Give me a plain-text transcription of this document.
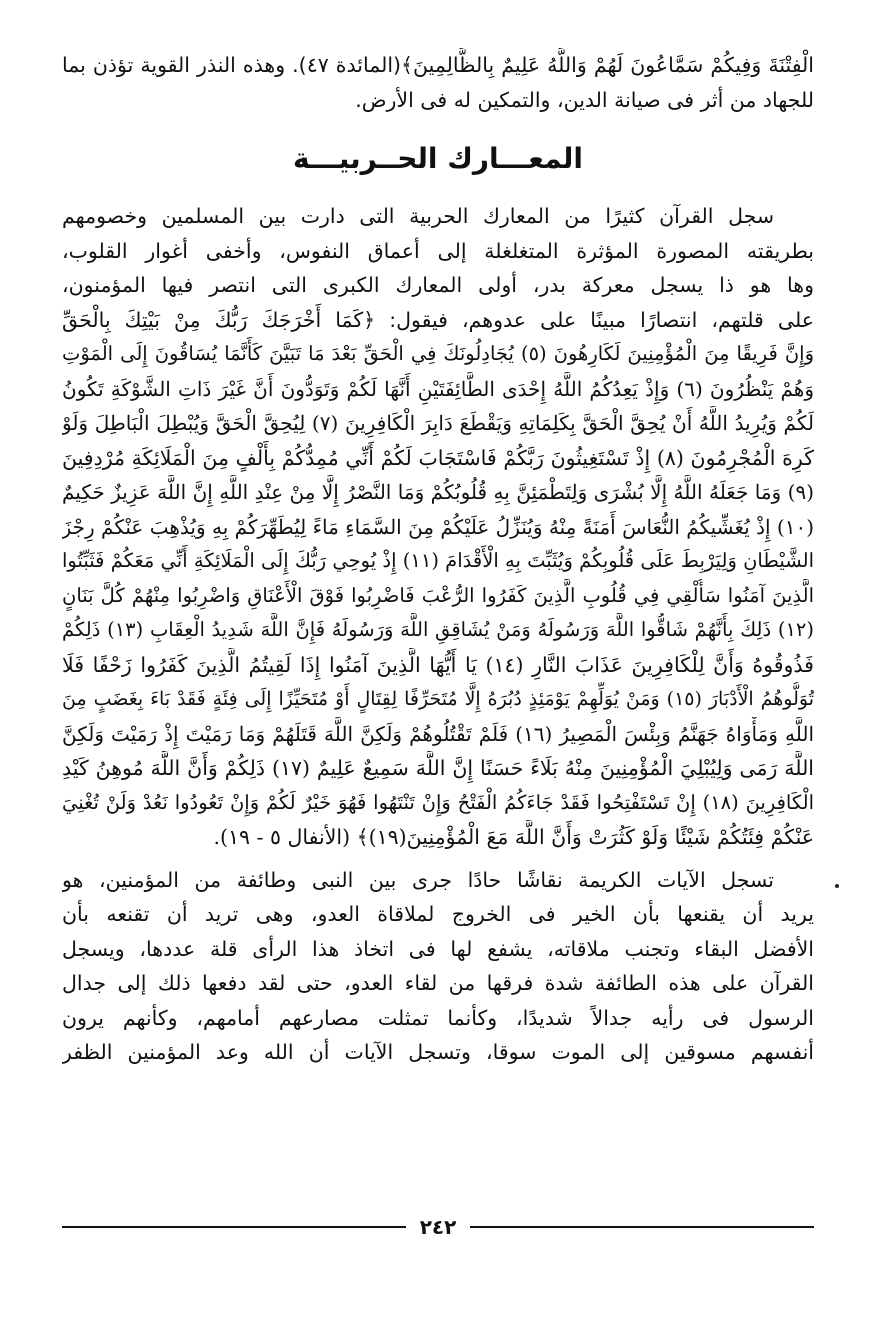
الْفِتْنَةَ وَفِيكُمْ سَمَّاعُونَ لَهُمْ وَاللَّهُ عَلِيمٌ بِالظَّالِمِينَ﴾(المائدة ٤٧). وهذه النذر القوية تؤذن بما
للجهاد من أثر فى صيانة الدين، والتمكين له فى الأرض.
المعـــارك الحــربيـــة
سجل القرآن كثيرًا من المعارك الحربية التى دارت بين المسلمين وخصومهم
بطريقته المصورة المؤثرة المتغلغلة إلى أعماق النفوس، وأخفى أغوار القلوب،
وها هو ذا يسجل معركة بدر، أولى المعارك الكبرى التى انتصر فيها المؤمنون،
على قلتهم، انتصارًا مبينًا على عدوهم، فيقول: ﴿كَمَا أَخْرَجَكَ رَبُّكَ مِنْ بَيْتِكَ بِالْحَقِّ
وَإِنَّ فَرِيقًا مِنَ الْمُؤْمِنِينَ لَكَارِهُونَ (٥) يُجَادِلُونَكَ فِي الْحَقِّ بَعْدَ مَا تَبَيَّنَ كَأَنَّمَا يُسَاقُونَ إِلَى الْمَوْتِ
وَهُمْ يَنْظُرُونَ (٦) وَإِذْ يَعِدُكُمُ اللَّهُ إِحْدَى الطَّائِفَتَيْنِ أَنَّهَا لَكُمْ وَتَوَدُّونَ أَنَّ غَيْرَ ذَاتِ الشَّوْكَةِ تَكُونُ
لَكُمْ وَيُرِيدُ اللَّهُ أَنْ يُحِقَّ الْحَقَّ بِكَلِمَاتِهِ وَيَقْطَعَ دَابِرَ الْكَافِرِينَ (٧) لِيُحِقَّ الْحَقَّ وَيُبْطِلَ الْبَاطِلَ وَلَوْ
كَرِهَ الْمُجْرِمُونَ (٨) إِذْ تَسْتَغِيثُونَ رَبَّكُمْ فَاسْتَجَابَ لَكُمْ أَنِّي مُمِدُّكُمْ بِأَلْفٍ مِنَ الْمَلَائِكَةِ مُرْدِفِينَ
(٩) وَمَا جَعَلَهُ اللَّهُ إِلَّا بُشْرَى وَلِتَطْمَئِنَّ بِهِ قُلُوبُكُمْ وَمَا النَّصْرُ إِلَّا مِنْ عِنْدِ اللَّهِ إِنَّ اللَّهَ عَزِيزٌ حَكِيمٌ
(١٠) إِذْ يُغَشِّيكُمُ النُّعَاسَ أَمَنَةً مِنْهُ وَيُنَزِّلُ عَلَيْكُمْ مِنَ السَّمَاءِ مَاءً لِيُطَهِّرَكُمْ بِهِ وَيُذْهِبَ عَنْكُمْ رِجْزَ
الشَّيْطَانِ وَلِيَرْبِطَ عَلَى قُلُوبِكُمْ وَيُثَبِّتَ بِهِ الْأَقْدَامَ (١١) إِذْ يُوحِي رَبُّكَ إِلَى الْمَلَائِكَةِ أَنِّي مَعَكُمْ فَثَبِّتُوا
الَّذِينَ آمَنُوا سَأُلْقِي فِي قُلُوبِ الَّذِينَ كَفَرُوا الرُّعْبَ فَاضْرِبُوا فَوْقَ الْأَعْنَاقِ وَاضْرِبُوا مِنْهُمْ كُلَّ بَنَانٍ
(١٢) ذَلِكَ بِأَنَّهُمْ شَاقُّوا اللَّهَ وَرَسُولَهُ وَمَنْ يُشَاقِقِ اللَّهَ وَرَسُولَهُ فَإِنَّ اللَّهَ شَدِيدُ الْعِقَابِ (١٣) ذَلِكُمْ
فَذُوقُوهُ وَأَنَّ لِلْكَافِرِينَ عَذَابَ النَّارِ (١٤) يَا أَيُّهَا الَّذِينَ آمَنُوا إِذَا لَقِيتُمُ الَّذِينَ كَفَرُوا زَحْفًا فَلَا
تُوَلُّوهُمُ الْأَدْبَارَ (١٥) وَمَنْ يُوَلِّهِمْ يَوْمَئِذٍ دُبُرَهُ إِلَّا مُتَحَرِّفًا لِقِتَالٍ أَوْ مُتَحَيِّزًا إِلَى فِئَةٍ فَقَدْ بَاءَ بِغَضَبٍ مِنَ
اللَّهِ وَمَأْوَاهُ جَهَنَّمُ وَبِئْسَ الْمَصِيرُ (١٦) فَلَمْ تَقْتُلُوهُمْ وَلَكِنَّ اللَّهَ قَتَلَهُمْ وَمَا رَمَيْتَ إِذْ رَمَيْتَ وَلَكِنَّ
اللَّهَ رَمَى وَلِيُبْلِيَ الْمُؤْمِنِينَ مِنْهُ بَلَاءً حَسَنًا إِنَّ اللَّهَ سَمِيعٌ عَلِيمٌ (١٧) ذَلِكُمْ وَأَنَّ اللَّهَ مُوهِنُ كَيْدِ
الْكَافِرِينَ (١٨) إِنْ تَسْتَفْتِحُوا فَقَدْ جَاءَكُمُ الْفَتْحُ وَإِنْ تَنْتَهُوا فَهُوَ خَيْرٌ لَكُمْ وَإِنْ تَعُودُوا نَعُدْ وَلَنْ تُغْنِيَ
عَنْكُمْ فِئَتُكُمْ شَيْئًا وَلَوْ كَثُرَتْ وَأَنَّ اللَّهَ مَعَ الْمُؤْمِنِينَ(١٩)﴾ (الأنفال ٥ - ١٩).
تسجل الآيات الكريمة نقاشًا حادًا جرى بين النبى وطائفة من المؤمنين، هو
يريد أن يقنعها بأن الخير فى الخروج لملاقاة العدو، وهى تريد أن تقنعه بأن
الأفضل البقاء وتجنب ملاقاته، يشفع لها فى اتخاذ هذا الرأى قلة عددها، ويسجل
القرآن على هذه الطائفة شدة فرقها من لقاء العدو، حتى لقد دفعها ذلك إلى جدال
الرسول فى رأيه جدالاً شديدًا، وكأنما تمثلت مصارعهم أمامهم، وكأنهم يرون
أنفسهم مسوقين إلى الموت سوقا، وتسجل الآيات أن الله وعد المؤمنين الظفر
٢٤٢
